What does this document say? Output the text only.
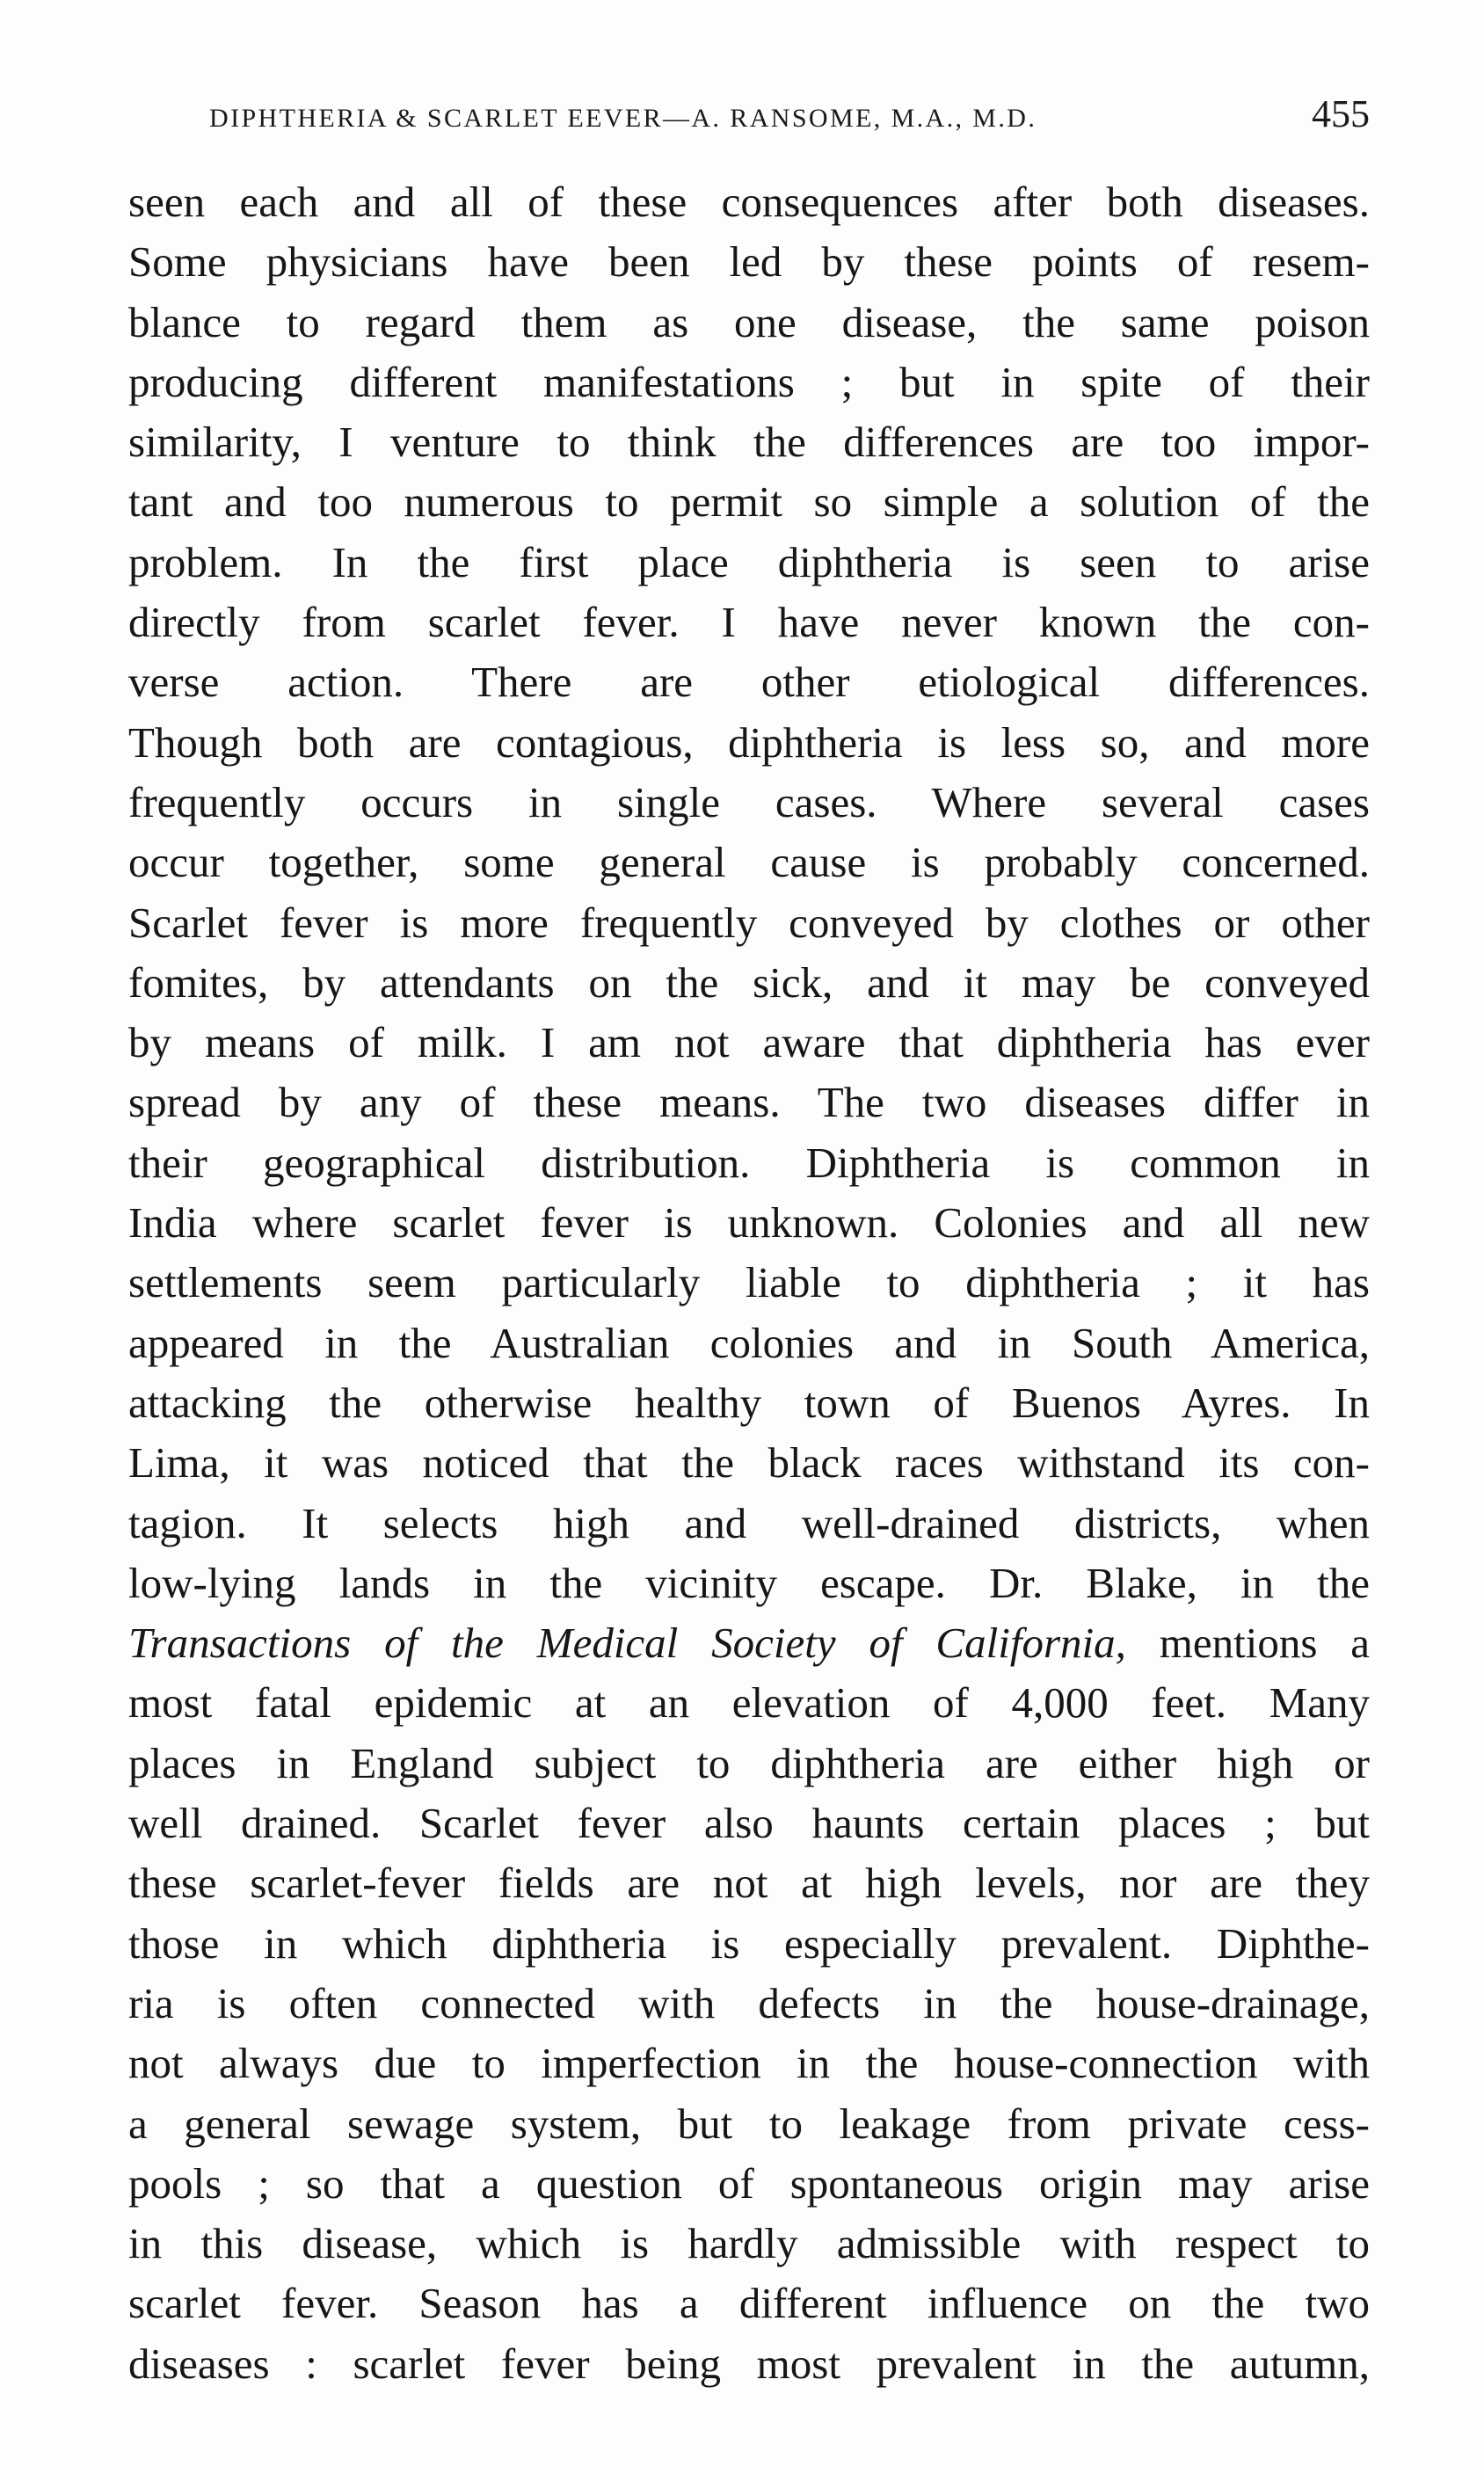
DIPHTHERIA & SCARLET EEVER—A. RANSOME, M.A., M.D.	455
seen each and all of these consequences after both diseases.
Some physicians have been led by these points of resem-
blance to regard them as one disease, the same poison
producing different manifestations ; but in spite of their
similarity, I venture to think the differences are too impor-
tant and too numerous to permit so simple a solution of the
problem. In the first place diphtheria is seen to arise
directly from scarlet fever. I have never known the con-
verse action. There are other etiological differences.
Though both are contagious, diphtheria is less so, and more
frequently occurs in single cases. Where several cases
occur together, some general cause is probably concerned.
Scarlet fever is more frequently conveyed by clothes or other
fomites, by attendants on the sick, and it may be conveyed
by means of milk. I am not aware that diphtheria has ever
spread by any of these means. The two diseases differ in
their geographical distribution. Diphtheria is common in
India where scarlet fever is unknown. Colonies and all new
settlements seem particularly liable to diphtheria ; it has
appeared in the Australian colonies and in South America,
attacking the otherwise healthy town of Buenos Ayres. In
Lima, it was noticed that the black races withstand its con-
tagion. It selects high and well-drained districts, when
low-lying lands in the vicinity escape. Dr. Blake, in the
Transactions of the Medical Society of California, mentions a
most fatal epidemic at an elevation of 4,000 feet. Many
places in England subject to diphtheria are either high or
well drained. Scarlet fever also haunts certain places ; but
these scarlet-fever fields are not at high levels, nor are they
those in which diphtheria is especially prevalent. Diphthe-
ria is often connected with defects in the house-drainage,
not always due to imperfection in the house-connection with
a general sewage system, but to leakage from private cess-
pools ; so that a question of spontaneous origin may arise
in this disease, which is hardly admissible with respect to
scarlet fever. Season has a different influence on the two
diseases : scarlet fever being most prevalent in the autumn,
